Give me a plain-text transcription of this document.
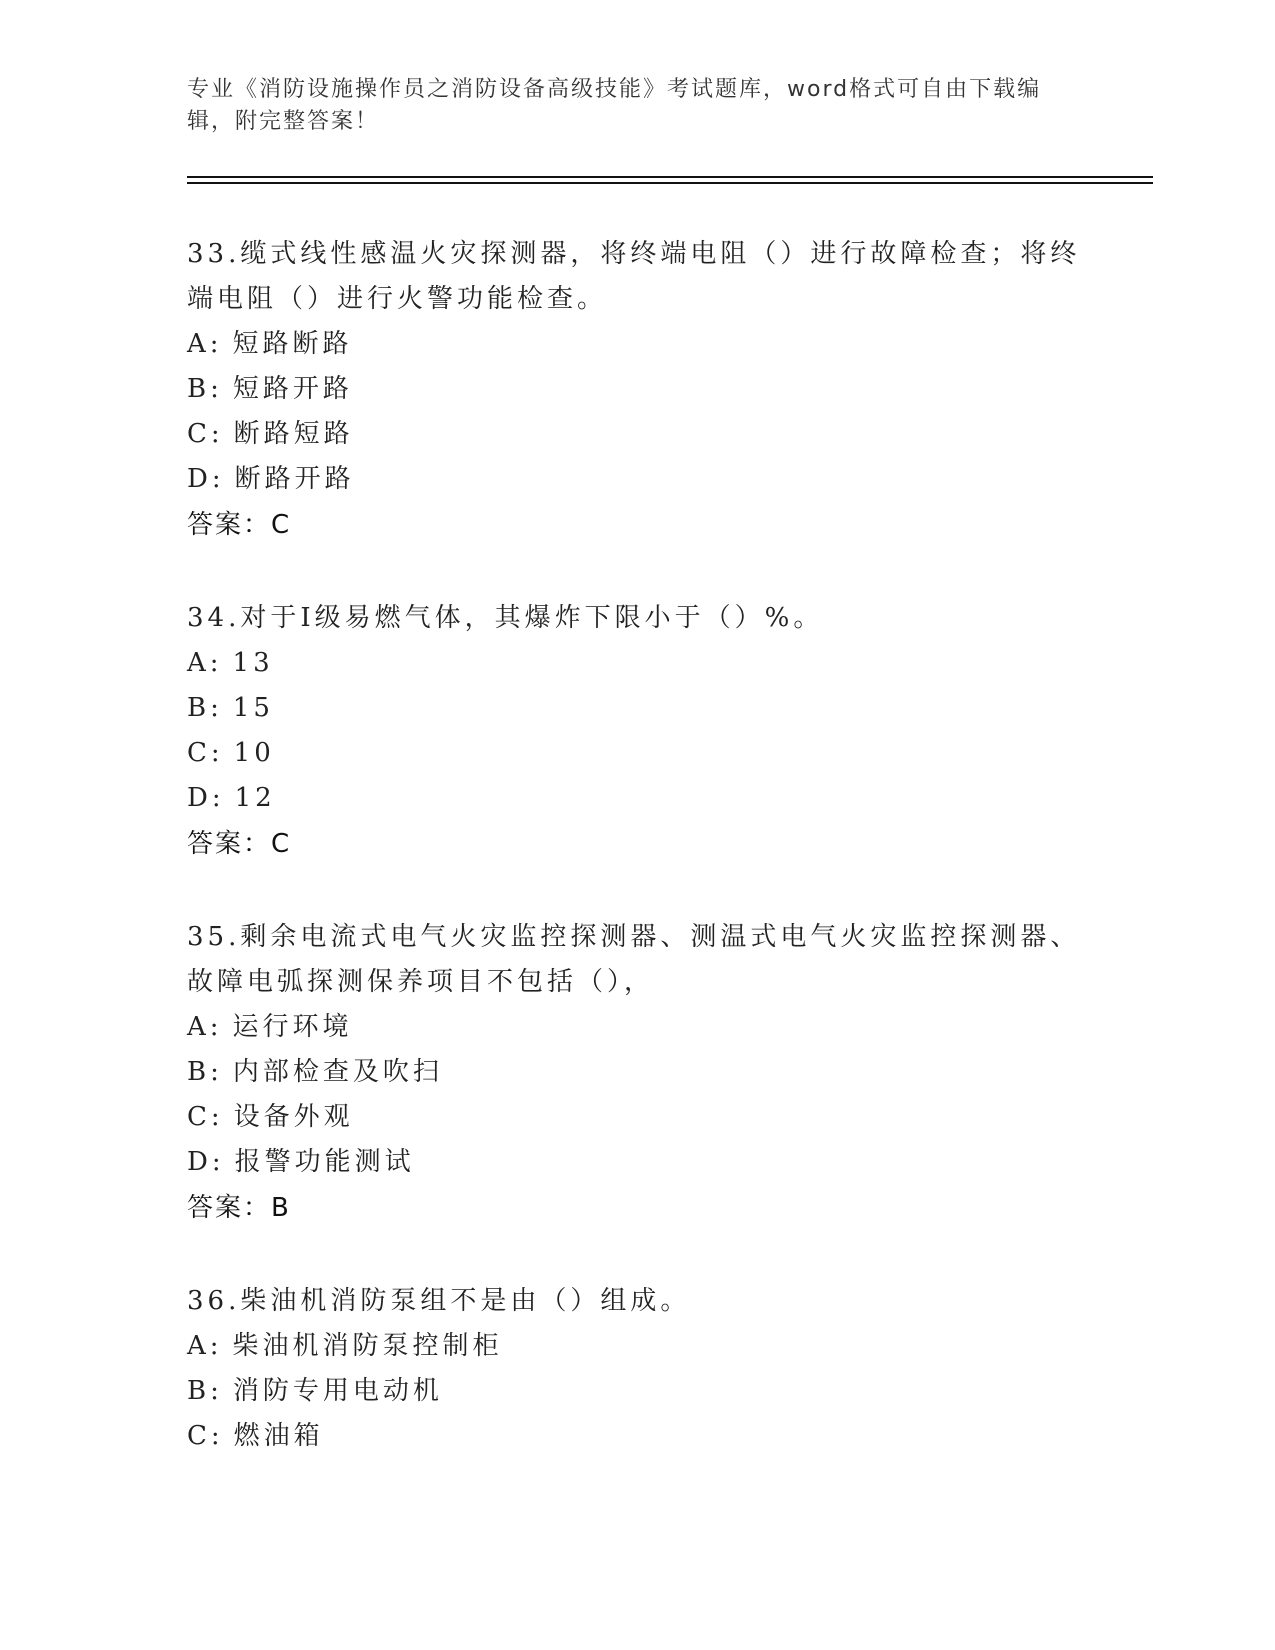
专业《消防设施操作员之消防设备高级技能》考试题库，word格式可自由下载编辑，附完整答案！

33.缆式线性感温火灾探测器，将终端电阻（）进行故障检查；将终端电阻（）进行火警功能检查。

A: 短路断路

B: 短路开路

C: 断路短路

D: 断路开路

答案：C

34.对于Ⅰ级易燃气体，其爆炸下限小于（）%。

A: 13

B: 15

C: 10

D: 12

答案：C

35.剩余电流式电气火灾监控探测器、测温式电气火灾监控探测器、故障电弧探测保养项目不包括（），

A: 运行环境

B: 内部检查及吹扫

C: 设备外观

D: 报警功能测试

答案：B

36.柴油机消防泵组不是由（）组成。

A: 柴油机消防泵控制柜

B: 消防专用电动机

C: 燃油箱
